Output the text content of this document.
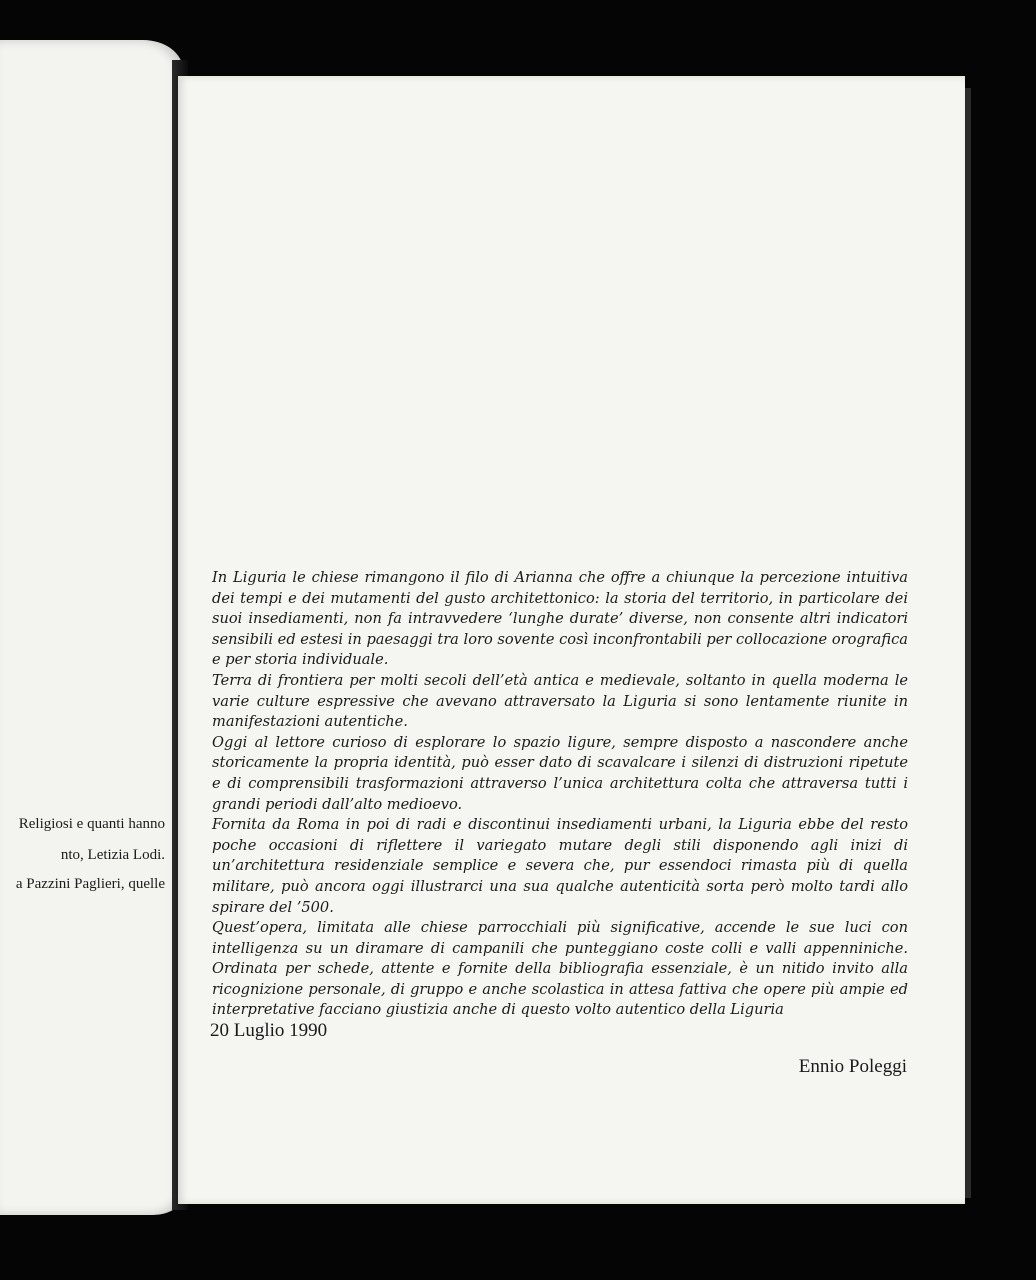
Religiosi e quanti hanno
nto, Letizia Lodi.
a Pazzini Paglieri, quelle

In Liguria le chiese rimangono il filo di Arianna che offre a chiunque la percezione intuitiva dei tempi e dei mutamenti del gusto architettonico: la storia del territorio, in particolare dei suoi insediamenti, non fa intravvedere ‘lunghe durate’ diverse, non consente altri indicatori sensibili ed estesi in paesaggi tra loro sovente così inconfrontabili per collocazione orografica e per storia individuale.

Terra di frontiera per molti secoli dell’età antica e medievale, soltanto in quella moderna le varie culture espressive che avevano attraversato la Liguria si sono lentamente riunite in manifestazioni autentiche.

Oggi al lettore curioso di esplorare lo spazio ligure, sempre disposto a nascondere anche storicamente la propria identità, può esser dato di scavalcare i silenzi di distruzioni ripetute e di comprensibili trasformazioni attraverso l’unica architettura colta che attraversa tutti i grandi periodi dall’alto medioevo.

Fornita da Roma in poi di radi e discontinui insediamenti urbani, la Liguria ebbe del resto poche occasioni di riflettere il variegato mutare degli stili disponendo agli inizi di un’architettura residenziale semplice e severa che, pur essendoci rimasta più di quella militare, può ancora oggi illustrarci una sua qualche autenticità sorta però molto tardi allo spirare del ’500.

Quest’opera, limitata alle chiese parrocchiali più significative, accende le sue luci con intelligenza su un diramare di campanili che punteggiano coste colli e valli appenniniche. Ordinata per schede, attente e fornite della bibliografia essenziale, è un nitido invito alla ricognizione personale, di gruppo e anche scolastica in attesa fattiva che opere più ampie ed interpretative facciano giustizia anche di questo volto autentico della Liguria

20 Luglio 1990
Ennio Poleggi
